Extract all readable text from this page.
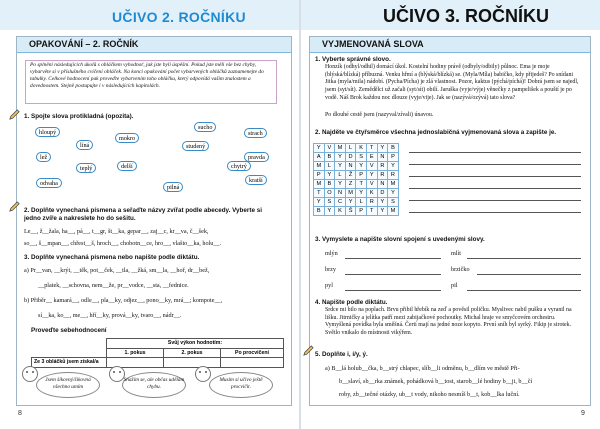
UČIVO 2. ROČNÍKU
OPAKOVÁNÍ – 2. ROČNÍK
Po splnění následujících úkolů s obláčkem vyhodnoť, jak jste byli úspěšní. Pokud jste měli vše bez chyby, vybarvěte si v příslušného cvičení obláček. Na konci opakování počet vybarvených obláčků zaznamenejte do tabulky. Celkové hodnocení pak proveďte vybarvením toho obláčku, který odpovídá vašim znalostem a dovednostem. Stejně postupujte i v následujících kapitolách.
1. Spojte slova protikladná (opozita).
hloupý
mokro
sucho
strach
líná	studený
lež
teplý	chytrý
pravda
odvaha
delší
pilná
kratší
2. Doplňte vynechaná písmena a seřaďte názvy zvířat podle abecedy. Vyberte si
jedno zvíře a nakreslete ho do sešitu.
Le__, ž__žala, ha__, pá__, t__gr, št__ka, gepar__, zaj__c, kr__va, č__šek,
so__, š__mpan__, chřest__š, hroch__, chobotn__ce, hro__, vlašto__ka, holu__.
3. Doplňte vynechaná písmena nebo napište podle diktátu.
a) Pr__van, __krýt, __těk, pot__ček, __tla, __žká, sm__la, __hoř, dr__bež,
__platek, __schovna, nem__že, pr__vodce, __sta, __fednice.
b) Přiběr__ kamará__, odle__, pla__ky, odjez__, pono__ky, mrá__; kompote__,
sí__ka, ko__, me__, hří__ky, prová__ky, tvaro__, nádr__.
Proveďte sebehodnocení
	Svůj výkon hodnotím:		
	1. pokus	2. pokus	Po procvičení
Ze 3 obláčků jsem získal/a			
Jsem šikovný/šikovná všechno umím
Snažím se, ale občas udělám chybu.
Musím si učivo ještě procvičit.
8
UČIVO 3. ROČNÍKU
VYJMENOVANÁ SLOVA
1. Vyberte správné slovo.
Honzík (odhyl/odhil) domácí úkol. Kostelní hodiny právě (odbyly/odbily) půlnoc. Ema je moje (blýská/blízká) příbuzná. Venku hřmí a (blýská/blízká) se. (Myla/Míla) babičko, kdy přijedeš? Po snídani Jitka (myla/mila) nádobí. (Pycha/Pícha) je zlá vlastnost. Pozor, kaktus (pýchá/píchá)! Dobrá jsem se najedl, jsem (syt/sít). Zemědělci už začali (syt/sít) obilí. Jaruška (vyje/výje) věnečky z pampelišek a pouští je po vodě. Náš Brok každou noc dlouze (vyje/vije). Jak se (nazývá/ozývá) tato slova?
Po dlouhé cestě jsem (nazyval/zívali) únavou.
2. Najděte ve čtyřsměrce všechna jednoslabičná vyjmenovaná slova a zapište je.
Y	V	M	L	K	T	Y	B
A	B	Y	D	S	E	N	P
M	L	Y	N	Y	V	R	Y
P	Y	L	Ž	P	Y	R	R
M	B	Y	Z	T	V	N	M
T	O	N	M	Y	K	D	Y
Y	S	C	Y	L	R	Y	S
B	Y	K	Š	P	T	Y	M
3. Vymyslete a napište slovní spojení s uvedenými slovy.
mlýn	mlít
brzy	brzičko
pyl	pil
4. Napište podle diktátu.
Srdce mi bilo na poplach. Brvu přibil hřebík na zeď a pověsil poličku. Myslivec nabil pušku a vyranil na lišku. Jitrničky a jelítka patří mezi zabijačkové pochoutky. Michal hraje ve smyčcovém orchestru. Vymyšlená povídka byla směšná. Čertí mají na jedné noze kopyto. První sníh byl syrký. Fikip je sirotek. Světlo vnikalo do místnosti vikýřem.
5. Doplňte i, í/y, ý.
a) B__lá holub__čka, b__strý chlapec, slíb__li odměnu, b__dlím ve městě Při-
b__slaví, sb__rka známek, pohádková b__tost, starob__lé hodiny b__ji, b__čí
roby, zb__tečné otázky, ub__t vody, nikoho nesmíš b__t, kob__lka luční.
9
